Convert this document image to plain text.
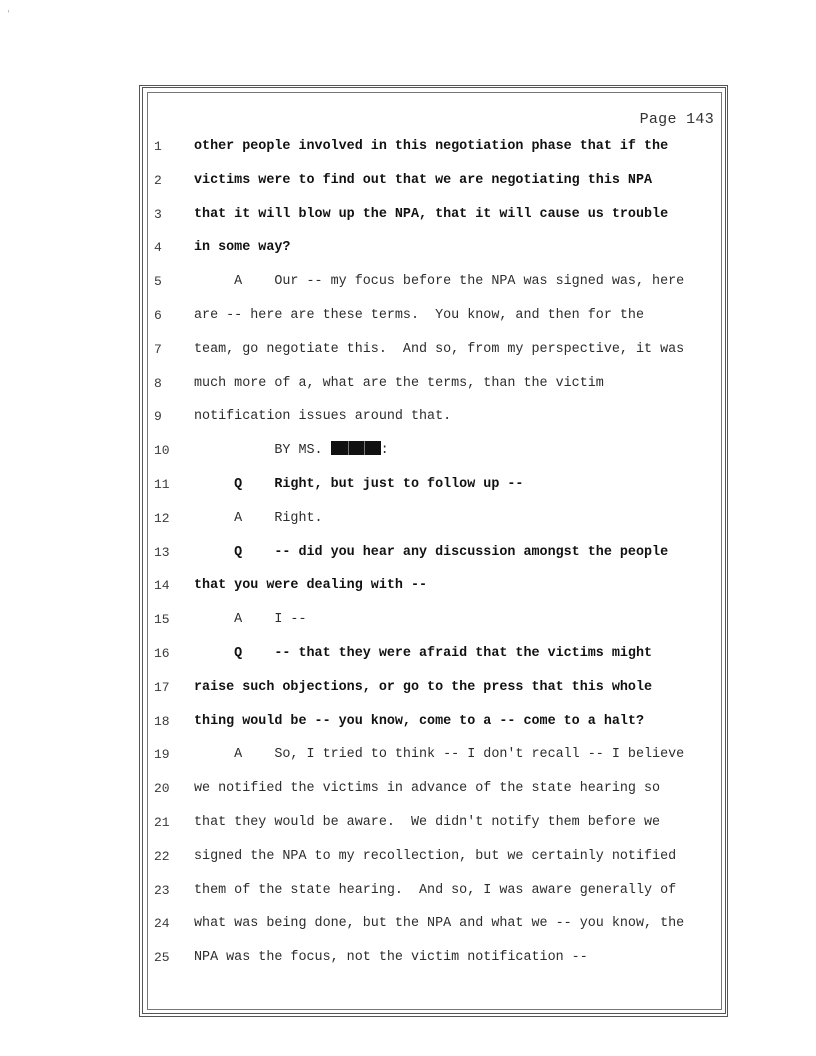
'
Page 143
1	other people involved in this negotiation phase that if the
2	victims were to find out that we are negotiating this NPA
3	that it will blow up the NPA, that it will cause us trouble
4	in some way?
5	A    Our -- my focus before the NPA was signed was, here
6	are -- here are these terms.  You know, and then for the
7	team, go negotiate this.  And so, from my perspective, it was
8	much more of a, what are the terms, than the victim
9	notification issues around that.
10	BY MS.	:
11	Q    Right, but just to follow up --
12	A    Right.
13	Q    -- did you hear any discussion amongst the people
14	that you were dealing with --
15	A    I --
16	Q    -- that they were afraid that the victims might
17	raise such objections, or go to the press that this whole
18	thing would be -- you know, come to a -- come to a halt?
19	A    So, I tried to think -- I don't recall -- I believe
20	we notified the victims in advance of the state hearing so
21	that they would be aware.  We didn't notify them before we
22	signed the NPA to my recollection, but we certainly notified
23	them of the state hearing.  And so, I was aware generally of
24	what was being done, but the NPA and what we -- you know, the
25	NPA was the focus, not the victim notification --
